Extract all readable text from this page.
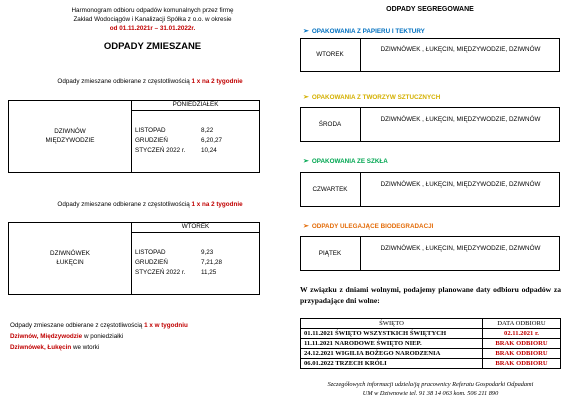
Harmonogram odbioru odpadów komunalnych przez firmę
Zakład Wodociągów i Kanalizacji Spółka z o.o. w okresie
od 01.11.2021r – 31.01.2022r.
ODPADY ZMIESZANE
Odpady zmieszane odbierane z częstotliwością 1 x na 2 tygodnie
DZIWNÓW
MIĘDZYWODZIE
PONIEDZIAŁEK
LISTOPAD	8,22
GRUDZIEŃ	6,20,27
STYCZEŃ 2022 r. 10,24
Odpady zmieszane odbierane z częstotliwością 1 x na 2 tygodnie
DZIWNÓWEK
ŁUKĘCIN
WTOREK
LISTOPAD	9,23
GRUDZIEŃ	7,21,28
STYCZEŃ 2022 r. 11,25
Odpady zmieszane odbierane z częstotliwością 1 x w tygodniu
Dziwnów, Międzywodzie w poniedziałki
Dziwnówek, Łukęcin we wtorki
ODPADY SEGREGOWANE
➢ OPAKOWANIA Z PAPIERU I TEKTURY
WTOREK
DZIWNÓWEK , ŁUKĘCIN, MIĘDZYWODZIE, DZIWNÓW
➢ OPAKOWANIA Z TWORZYW SZTUCZNYCH
ŚRODA
DZIWNÓWEK , ŁUKĘCIN, MIĘDZYWODZIE, DZIWNÓW
➢ OPAKOWANIA ZE SZKŁA
CZWARTEK
DZIWNÓWEK , ŁUKĘCIN, MIĘDZYWODZIE, DZIWNÓW
➢ ODPADY ULEGAJĄCE BIODEGRADACJI
PIĄTEK
DZIWNÓWEK , ŁUKĘCIN, MIĘDZYWODZIE, DZIWNÓW
W związku z dniami wolnymi, podajemy planowane daty odbioru odpadów za przypadające dni wolne:
ŚWIĘTO	DATA ODBIORU
01.11.2021 ŚWIĘTO WSZYSTKICH ŚWIĘTYCH	02.11.2021 r.
11.11.2021 NARODOWE ŚWIĘTO NIEP.	BRAK ODBIORU
24.12.2021 WIGILIA BOŻEGO NARODZENIA	BRAK ODBIORU
06.01.2022 TRZECH KRÓLI	BRAK ODBIORU
Szczegółowych informacji udziela/ją pracownicy Referatu Gospodarki Odpadami
UM w Dziwnowie tel. 91 38 14 063 kom. 506 211 890
